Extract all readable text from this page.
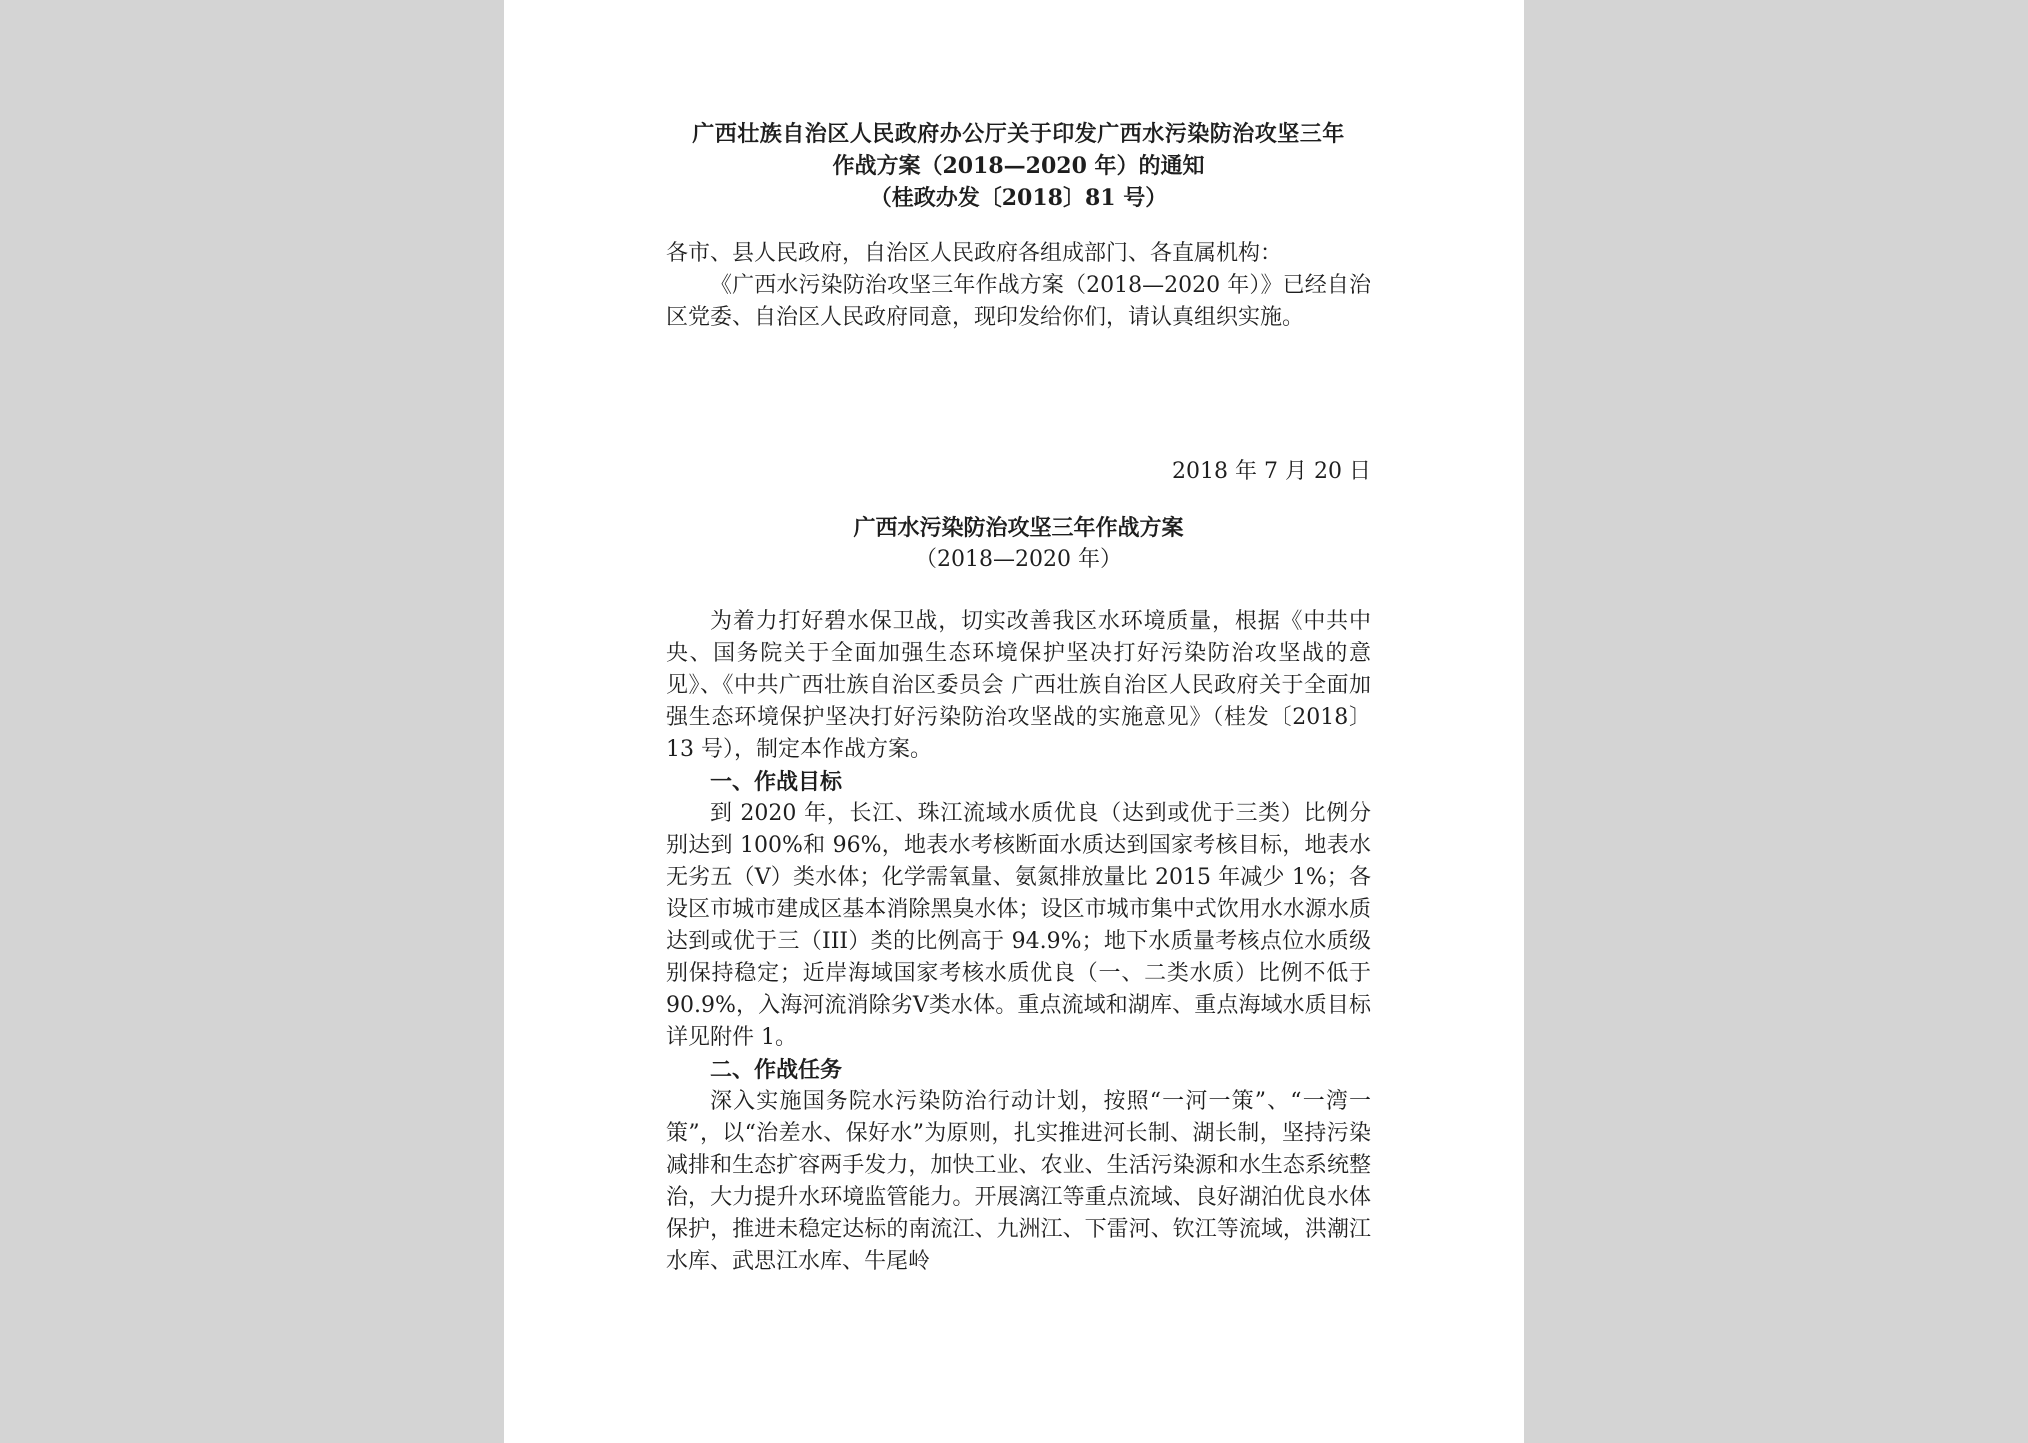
广西壮族自治区人民政府办公厅关于印发广西水污染防治攻坚三年
作战方案（2018—2020 年）的通知
（桂政办发〔2018〕81 号）
各市、县人民政府，自治区人民政府各组成部门、各直属机构：
《广西水污染防治攻坚三年作战方案（2018—2020 年）》已经自治区党委、自治区人民政府同意，现印发给你们，请认真组织实施。
2018 年 7 月 20 日
广西水污染防治攻坚三年作战方案
（2018—2020 年）
为着力打好碧水保卫战，切实改善我区水环境质量，根据《中共中央、国务院关于全面加强生态环境保护坚决打好污染防治攻坚战的意见》、《中共广西壮族自治区委员会 广西壮族自治区人民政府关于全面加强生态环境保护坚决打好污染防治攻坚战的实施意见》（桂发〔2018〕13 号），制定本作战方案。
一、作战目标
到 2020 年，长江、珠江流域水质优良（达到或优于三类）比例分别达到 100%和 96%，地表水考核断面水质达到国家考核目标，地表水无劣五（V）类水体；化学需氧量、氨氮排放量比 2015 年减少 1%；各设区市城市建成区基本消除黑臭水体；设区市城市集中式饮用水水源水质达到或优于三（III）类的比例高于 94.9%；地下水质量考核点位水质级别保持稳定；近岸海域国家考核水质优良（一、二类水质）比例不低于 90.9%，入海河流消除劣Ⅴ类水体。重点流域和湖库、重点海域水质目标详见附件 1。
二、作战任务
深入实施国务院水污染防治行动计划，按照“一河一策”、“一湾一策”，以“治差水、保好水”为原则，扎实推进河长制、湖长制，坚持污染减排和生态扩容两手发力，加快工业、农业、生活污染源和水生态系统整治，大力提升水环境监管能力。开展漓江等重点流域、良好湖泊优良水体保护，推进未稳定达标的南流江、九洲江、下雷河、钦江等流域，洪潮江水库、武思江水库、牛尾岭
